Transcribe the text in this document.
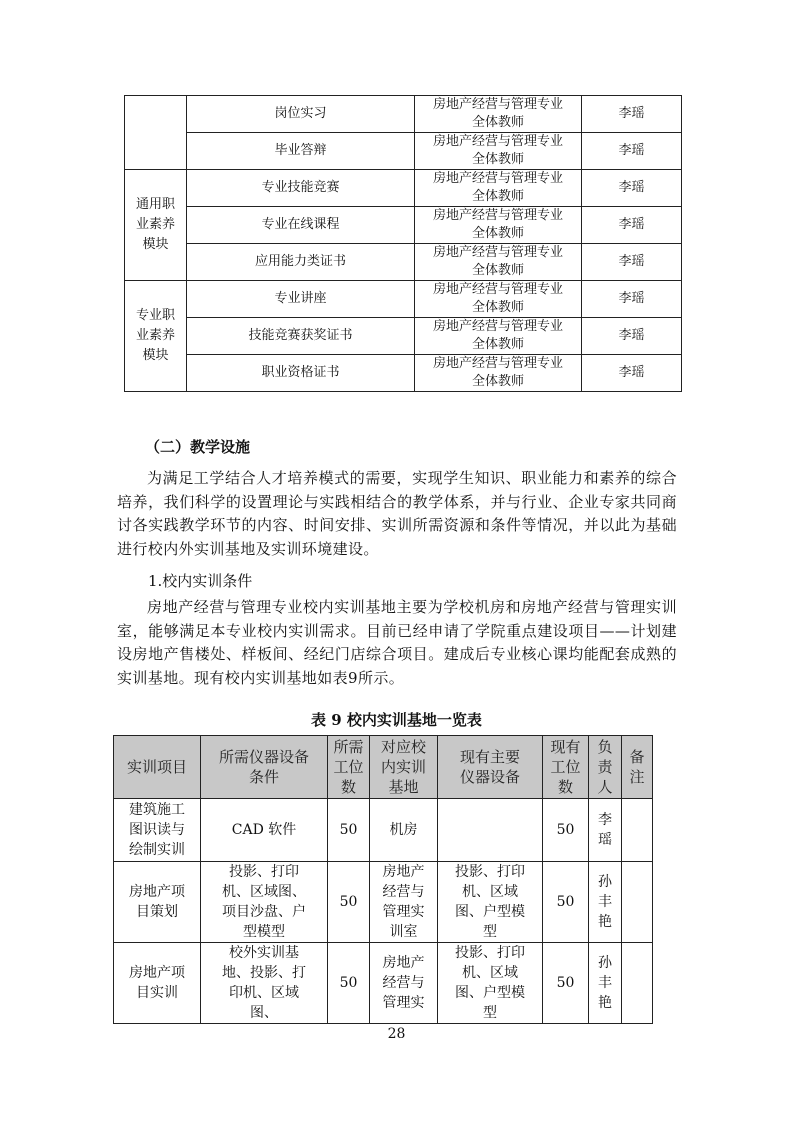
	岗位实习	房地产经营与管理专业
全体教师	李瑶
	毕业答辩	房地产经营与管理专业
全体教师	李瑶

通用职业素养模块	专业技能竞赛	房地产经营与管理专业
全体教师	李瑶
	专业在线课程	房地产经营与管理专业
全体教师	李瑶
	应用能力类证书	房地产经营与管理专业
全体教师	李瑶

专业职业素养模块	专业讲座	房地产经营与管理专业
全体教师	李瑶
	技能竞赛获奖证书	房地产经营与管理专业
全体教师	李瑶
	职业资格证书	房地产经营与管理专业
全体教师	李瑶
（二）教学设施
为满足工学结合人才培养模式的需要，实现学生知识、职业能力和素养的综合培养，我们科学的设置理论与实践相结合的教学体系，并与行业、企业专家共同商讨各实践教学环节的内容、时间安排、实训所需资源和条件等情况，并以此为基础进行校内外实训基地及实训环境建设。
1.校内实训条件
房地产经营与管理专业校内实训基地主要为学校机房和房地产经营与管理实训室，能够满足本专业校内实训需求。目前已经申请了学院重点建设项目——计划建设房地产售楼处、样板间、经纪门店综合项目。建成后专业核心课均能配套成熟的实训基地。现有校内实训基地如表9所示。
表 9 校内实训基地一览表
实训项目	所需仪器设备条件	所需工位数	对应校内实训基地	现有主要仪器设备	现有工位数	负责人	备注

建筑施工图识读与绘制实训	CAD 软件	50	机房		50	李瑶	

房地产项目策划	投影、打印机、区域图、项目沙盘、户型模型	50	房地产经营与管理实训室	投影、打印机、区域图、户型模型	50	孙丰艳	

房地产项目实训	校外实训基地、投影、打印机、区域图、	50	房地产经营与管理实	投影、打印机、区域图、户型模型	50	孙丰艳	

28
